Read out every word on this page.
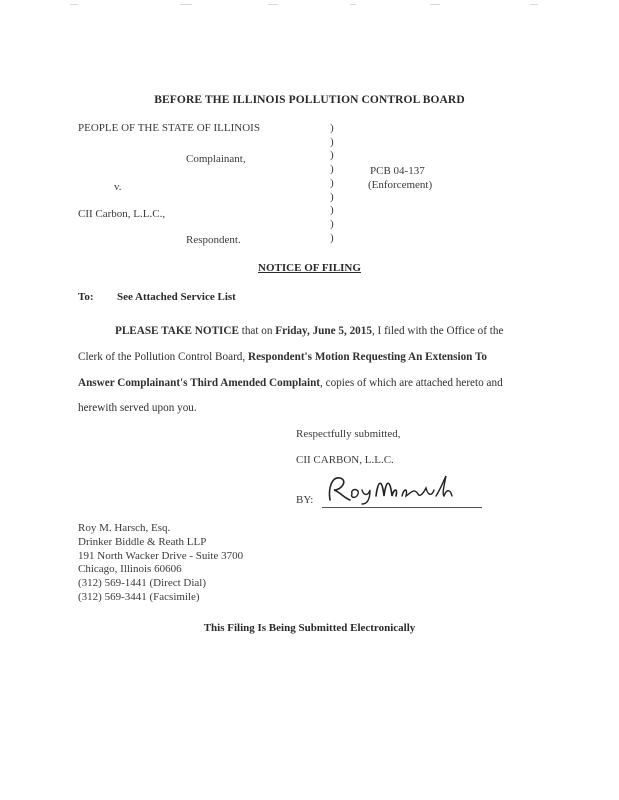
BEFORE THE ILLINOIS POLLUTION CONTROL BOARD
PEOPLE OF THE STATE OF ILLINOIS
Complainant,
v.
CII Carbon, L.L.C.,
Respondent.
)
)
)
)
)
)
)
)
)
PCB 04-137
(Enforcement)
NOTICE OF FILING
To: See Attached Service List
PLEASE TAKE NOTICE that on Friday, June 5, 2015, I filed with the Office of the
Clerk of the Pollution Control Board, Respondent's Motion Requesting An Extension To
Answer Complainant's Third Amended Complaint, copies of which are attached hereto and
herewith served upon you.
Respectfully submitted,
CII CARBON, L.L.C.
BY:
Roy M. Harsch, Esq.
Drinker Biddle & Reath LLP
191 North Wacker Drive - Suite 3700
Chicago, Illinois 60606
(312) 569-1441 (Direct Dial)
(312) 569-3441 (Facsimile)
This Filing Is Being Submitted Electronically
